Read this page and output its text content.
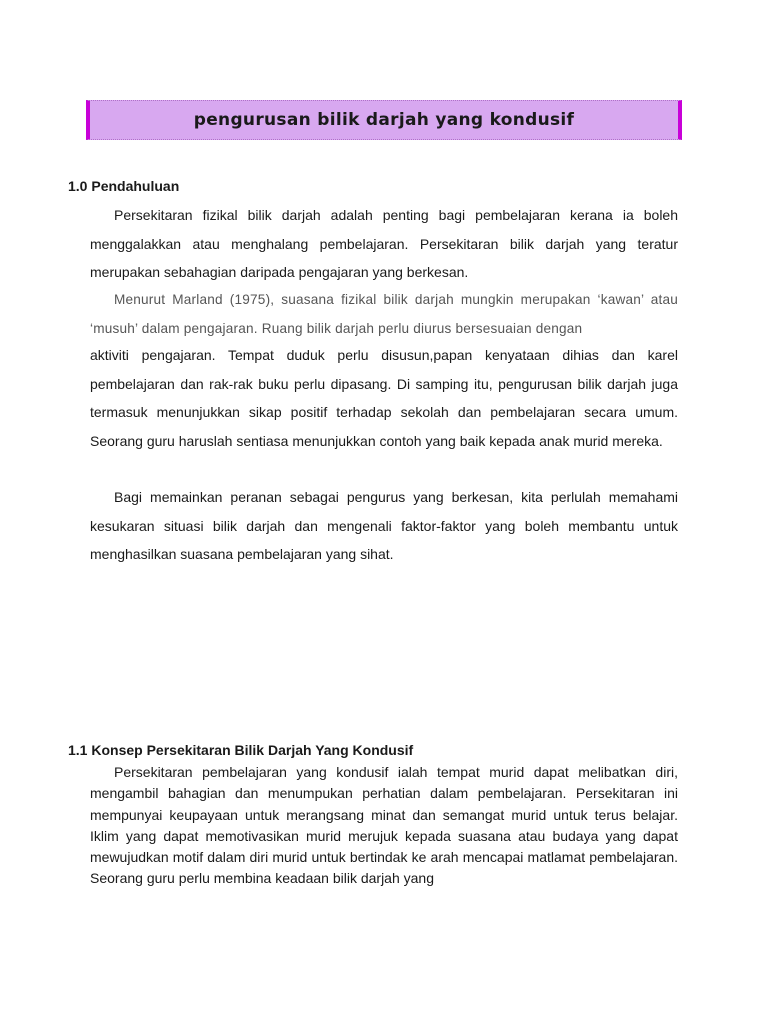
pengurusan bilik darjah yang kondusif
1.0 Pendahuluan

Persekitaran fizikal bilik darjah adalah penting bagi pembelajaran kerana ia boleh menggalakkan atau menghalang pembelajaran. Persekitaran bilik darjah yang teratur merupakan sebahagian daripada pengajaran yang berkesan.

Menurut Marland (1975), suasana fizikal bilik darjah mungkin merupakan ‘kawan’ atau ‘musuh’ dalam pengajaran. Ruang bilik darjah perlu diurus bersesuaian dengan

aktiviti pengajaran. Tempat duduk perlu disusun,papan kenyataan dihias dan karel pembelajaran dan rak-rak buku perlu dipasang. Di samping itu, pengurusan bilik darjah juga termasuk menunjukkan sikap positif terhadap sekolah dan pembelajaran secara umum. Seorang guru haruslah sentiasa menunjukkan contoh yang baik kepada anak murid mereka.

Bagi memainkan peranan sebagai pengurus yang berkesan, kita perlulah memahami kesukaran situasi bilik darjah dan mengenali faktor-faktor yang boleh membantu untuk menghasilkan suasana pembelajaran yang sihat.

1.1 Konsep Persekitaran Bilik Darjah Yang Kondusif

Persekitaran pembelajaran yang kondusif ialah tempat murid dapat melibatkan diri, mengambil bahagian dan menumpukan perhatian dalam pembelajaran. Persekitaran ini mempunyai keupayaan untuk merangsang minat dan semangat murid untuk terus belajar. Iklim yang dapat memotivasikan murid merujuk kepada suasana atau budaya yang dapat mewujudkan motif dalam diri murid untuk bertindak ke arah mencapai matlamat pembelajaran. Seorang guru perlu membina keadaan bilik darjah yang
